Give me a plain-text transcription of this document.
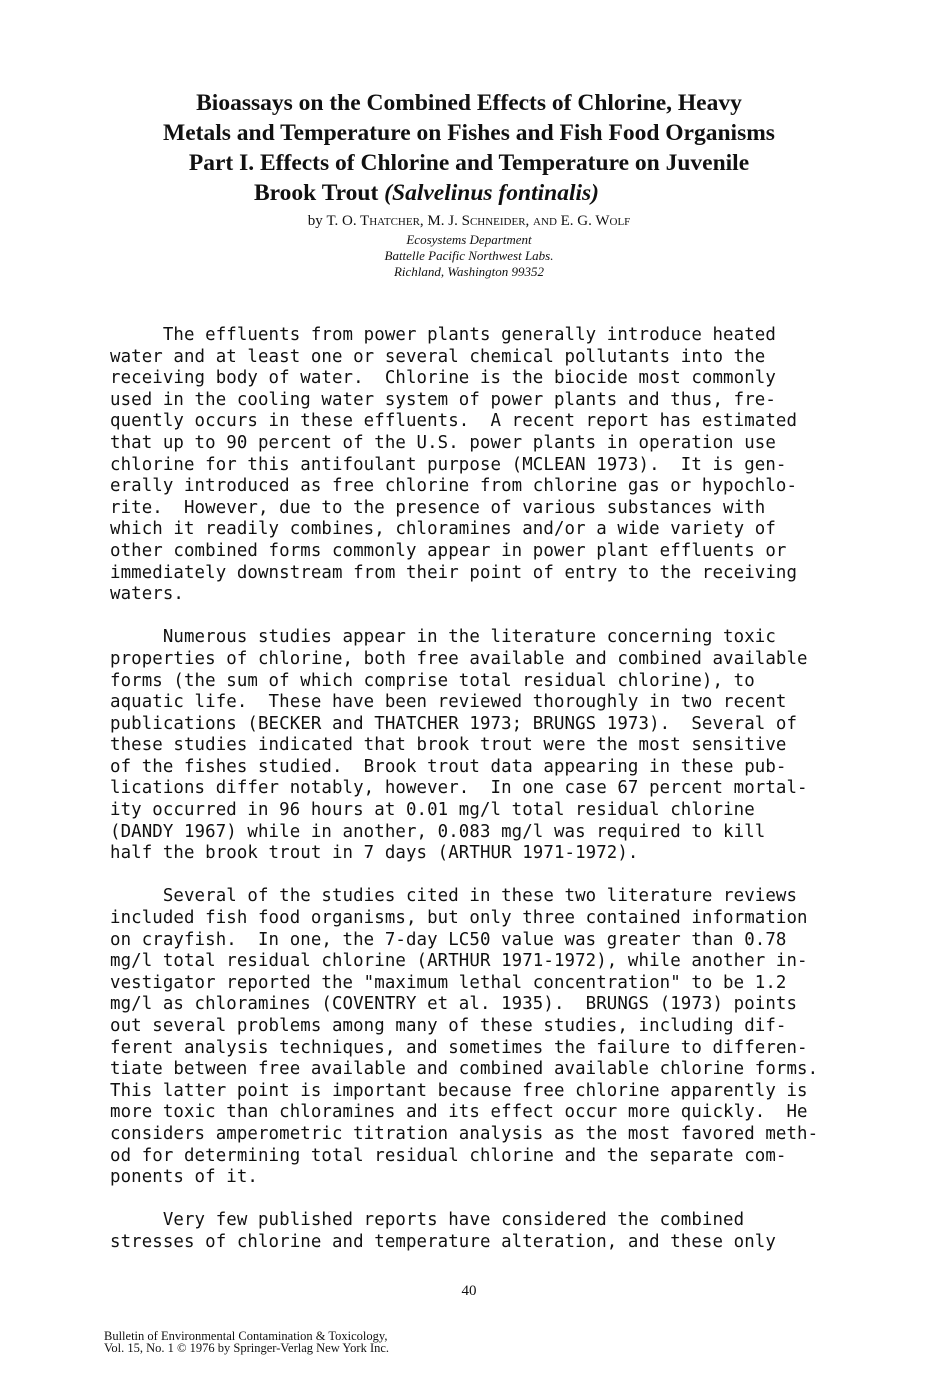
Bioassays on the Combined Effects of Chlorine, Heavy
Metals and Temperature on Fishes and Fish Food Organisms
Part I. Effects of Chlorine and Temperature on Juvenile
Brook Trout (Salvelinus fontinalis)
by T. O. Thatcher, M. J. Schneider, and E. G. Wolf
Ecosystems Department
Battelle Pacific Northwest Labs.
Richland, Washington 99352

The effluents from power plants generally introduce heated
water and at least one or several chemical pollutants into the
receiving body of water.  Chlorine is the biocide most commonly
used in the cooling water system of power plants and thus, fre-
quently occurs in these effluents.  A recent report has estimated
that up to 90 percent of the U.S. power plants in operation use
chlorine for this antifoulant purpose (MCLEAN 1973).  It is gen-
erally introduced as free chlorine from chlorine gas or hypochlo-
rite.  However, due to the presence of various substances with
which it readily combines, chloramines and/or a wide variety of
other combined forms commonly appear in power plant effluents or
immediately downstream from their point of entry to the receiving
waters.

Numerous studies appear in the literature concerning toxic
properties of chlorine, both free available and combined available
forms (the sum of which comprise total residual chlorine), to
aquatic life.  These have been reviewed thoroughly in two recent
publications (BECKER and THATCHER 1973; BRUNGS 1973).  Several of
these studies indicated that brook trout were the most sensitive
of the fishes studied.  Brook trout data appearing in these pub-
lications differ notably, however.  In one case 67 percent mortal-
ity occurred in 96 hours at 0.01 mg/l total residual chlorine
(DANDY 1967) while in another, 0.083 mg/l was required to kill
half the brook trout in 7 days (ARTHUR 1971-1972).

Several of the studies cited in these two literature reviews
included fish food organisms, but only three contained information
on crayfish.  In one, the 7-day LC50 value was greater than 0.78
mg/l total residual chlorine (ARTHUR 1971-1972), while another in-
vestigator reported the "maximum lethal concentration" to be 1.2
mg/l as chloramines (COVENTRY et al. 1935).  BRUNGS (1973) points
out several problems among many of these studies, including dif-
ferent analysis techniques, and sometimes the failure to differen-
tiate between free available and combined available chlorine forms.
This latter point is important because free chlorine apparently is
more toxic than chloramines and its effect occur more quickly.  He
considers amperometric titration analysis as the most favored meth-
od for determining total residual chlorine and the separate com-
ponents of it.

Very few published reports have considered the combined
stresses of chlorine and temperature alteration, and these only

40
Bulletin of Environmental Contamination & Toxicology,
Vol. 15, No. 1 © 1976 by Springer-Verlag New York Inc.
